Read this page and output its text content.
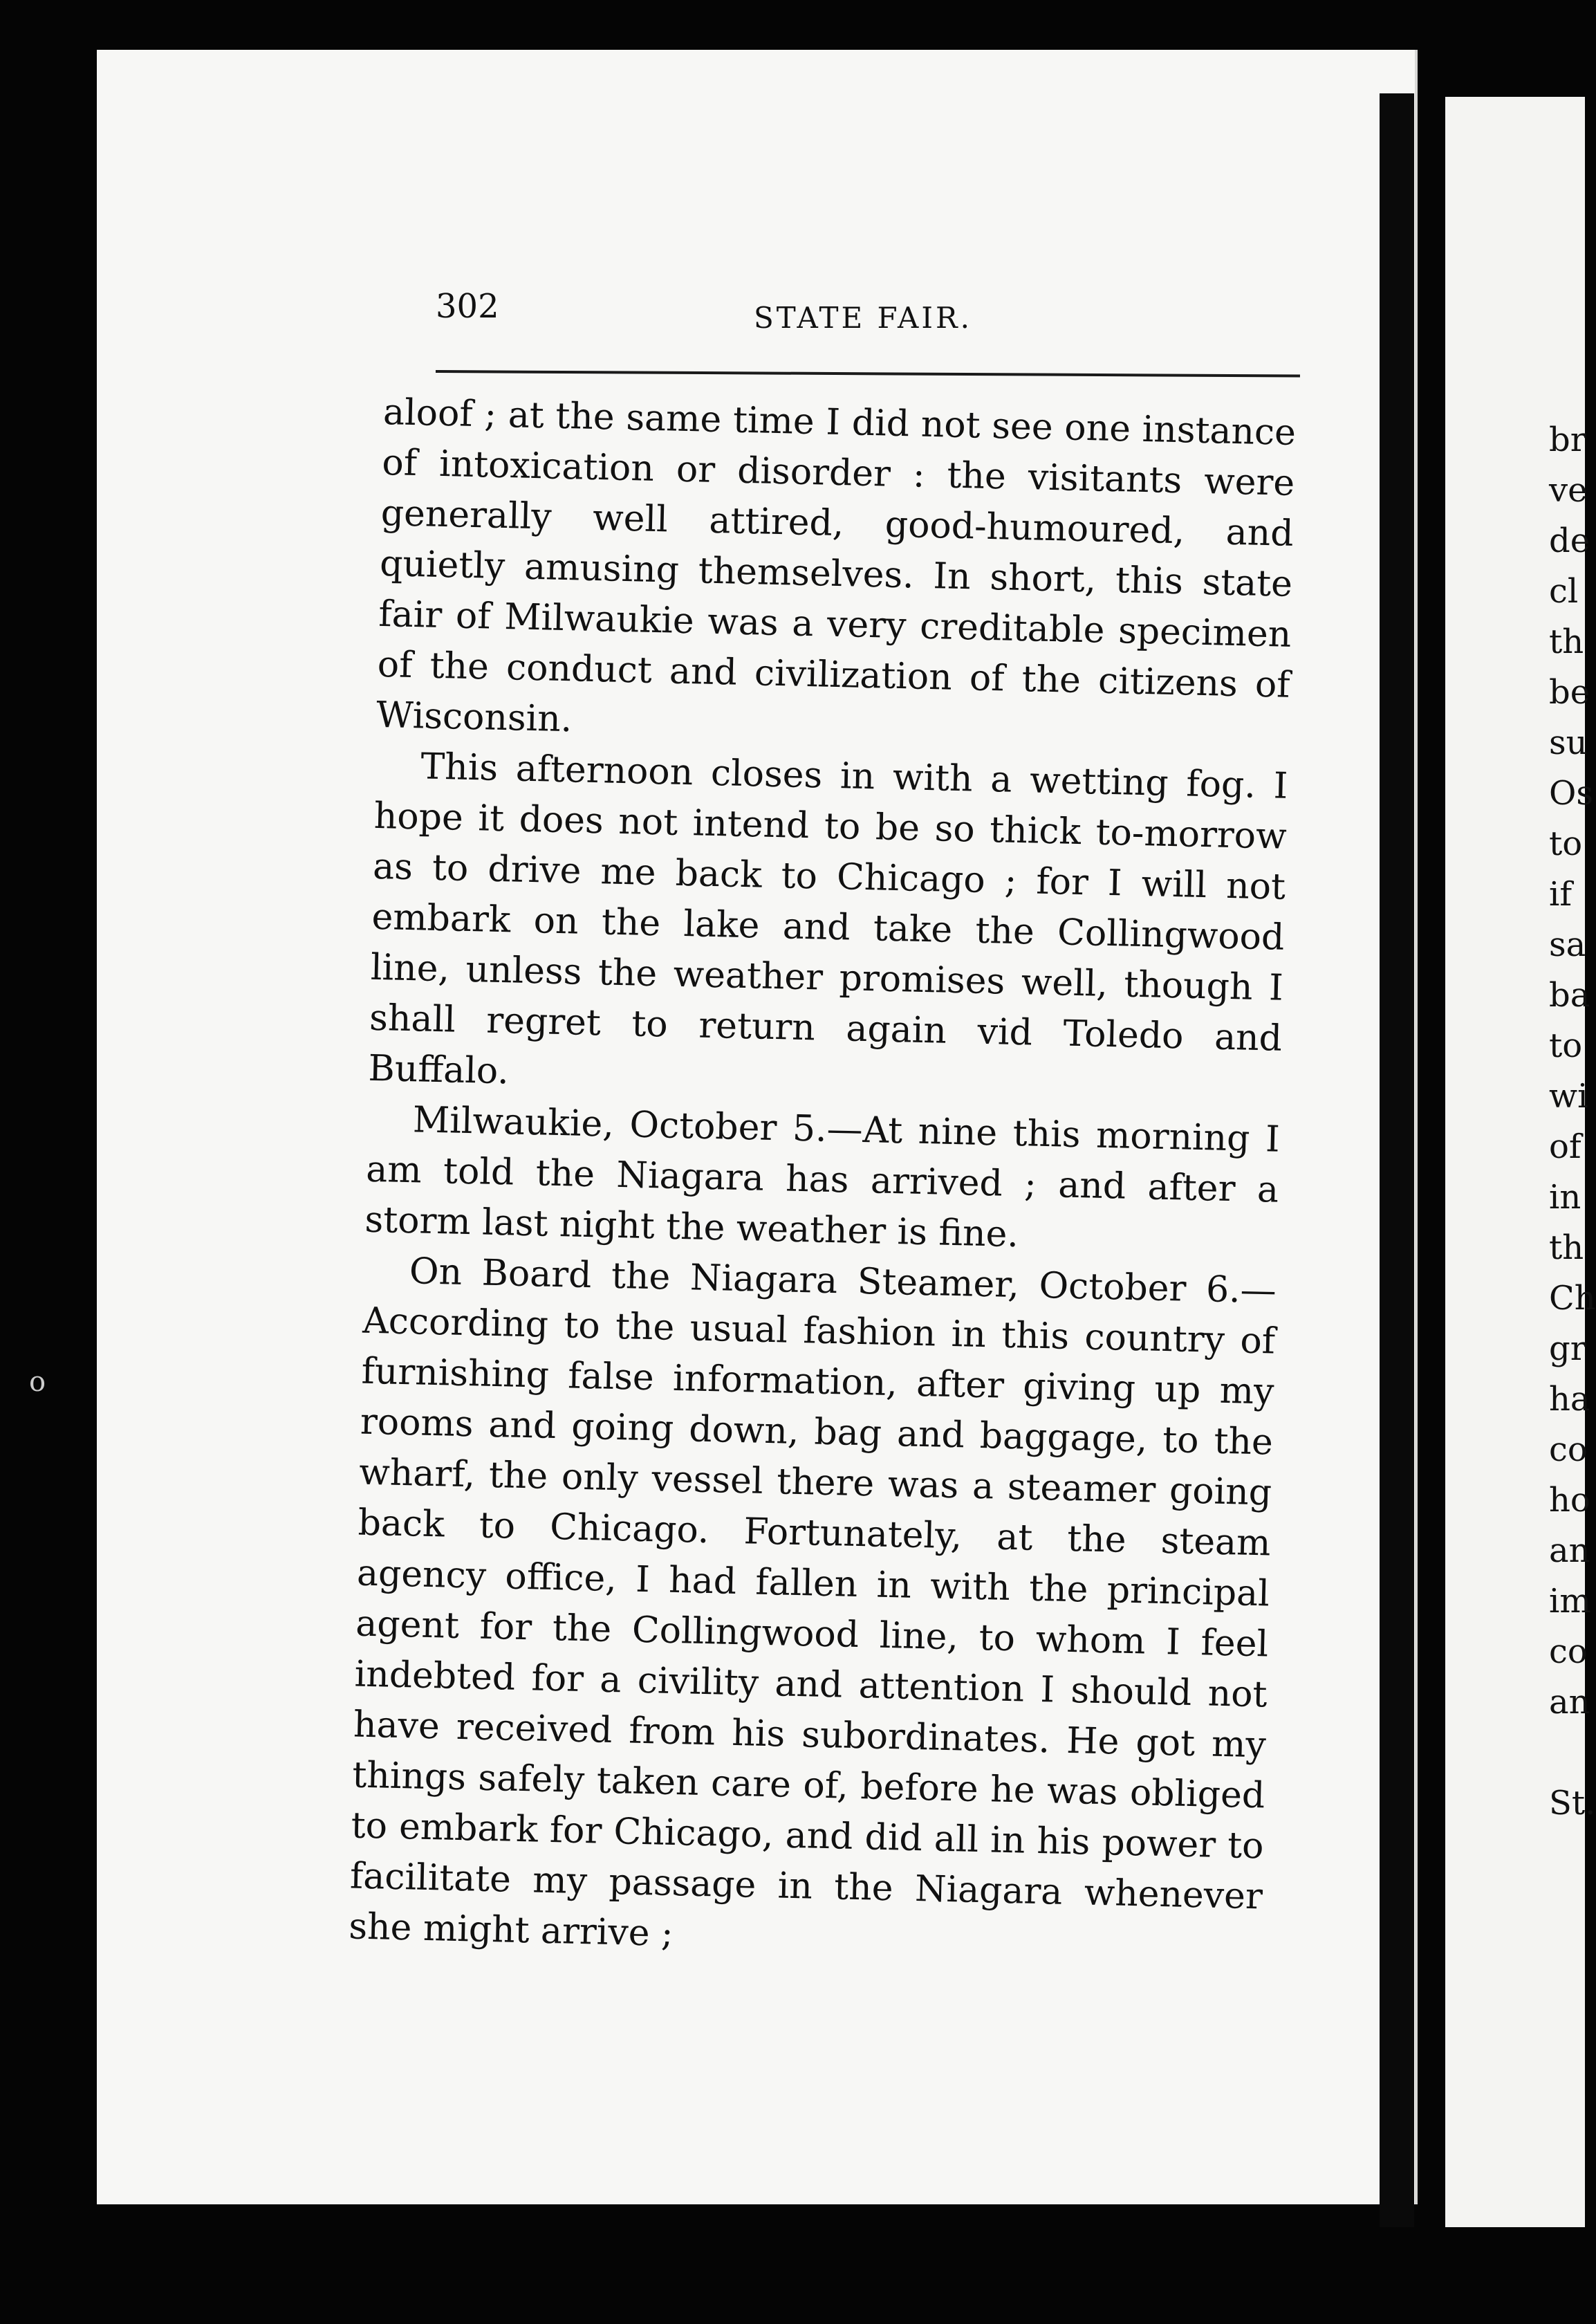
302	STATE FAIR.

aloof ; at the same time I did not see one instance of intoxication or disorder : the visitants were generally well attired, good-humoured, and quietly amusing themselves. In short, this state fair of Milwaukie was a very creditable specimen of the conduct and civilization of the citizens of Wisconsin.

This afternoon closes in with a wetting fog. I hope it does not intend to be so thick to-morrow as to drive me back to Chicago ; for I will not embark on the lake and take the Collingwood line, unless the weather promises well, though I shall regret to return again vid Toledo and Buffalo.

Milwaukie, October 5.—At nine this morning I am told the Niagara has arrived ; and after a storm last night the weather is fine.

On Board the Niagara Steamer, October 6.— According to the usual fashion in this country of furnishing false information, after giving up my rooms and going down, bag and baggage, to the wharf, the only vessel there was a steamer going back to Chicago. Fortunately, at the steam agency office, I had fallen in with the principal agent for the Collingwood line, to whom I feel indebted for a civility and attention I should not have received from his subordinates. He got my things safely taken care of, before he was obliged to embark for Chicago, and did all in his power to facilitate my passage in the Niagara whenever she might arrive ;

br
ve
de
cl
th
be
su
Os
to
if
sa
ba
to
wi
of
in
th
Ch
gr
ha
co
ho
an
im
co
an
St.
o
